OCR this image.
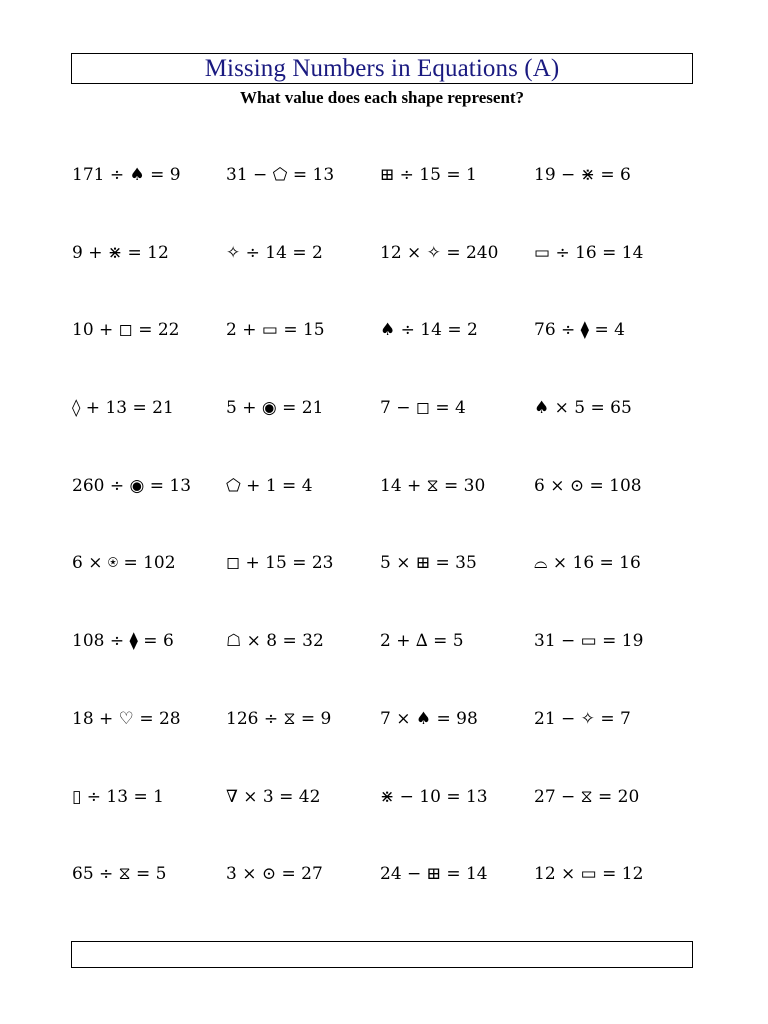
Missing Numbers in Equations (A)
What value does each shape represent?
171 ÷ ♠ = 9	31 − ⬠ = 13	⊞ ÷ 15 = 1	19 − ⋇ = 6
9 + ⋇ = 12	✧ ÷ 14 = 2	12 × ✧ = 240	▭ ÷ 16 = 14
10 + ◻ = 22	2 + ▭ = 15	♠ ÷ 14 = 2	76 ÷ ⧫ = 4
◊ + 13 = 21	5 + ◉ = 21	7 − ◻ = 4	♠ × 5 = 65
260 ÷ ◉ = 13	⬠ + 1 = 4	14 + ⧖ = 30	6 × ⊙ = 108
6 × ⍟ = 102	◻ + 15 = 23	5 × ⊞ = 35	⌓ × 16 = 16
108 ÷ ⧫ = 6	☖ × 8 = 32	2 + ∆ = 5	31 − ▭ = 19
18 + ♡ = 28	126 ÷ ⧖ = 9	7 × ♠ = 98	21 − ✧ = 7
▯ ÷ 13 = 1	∇ × 3 = 42	⋇ − 10 = 13	27 − ⧖ = 20
65 ÷ ⧖ = 5	3 × ⊙ = 27	24 − ⊞ = 14	12 × ▭ = 12
